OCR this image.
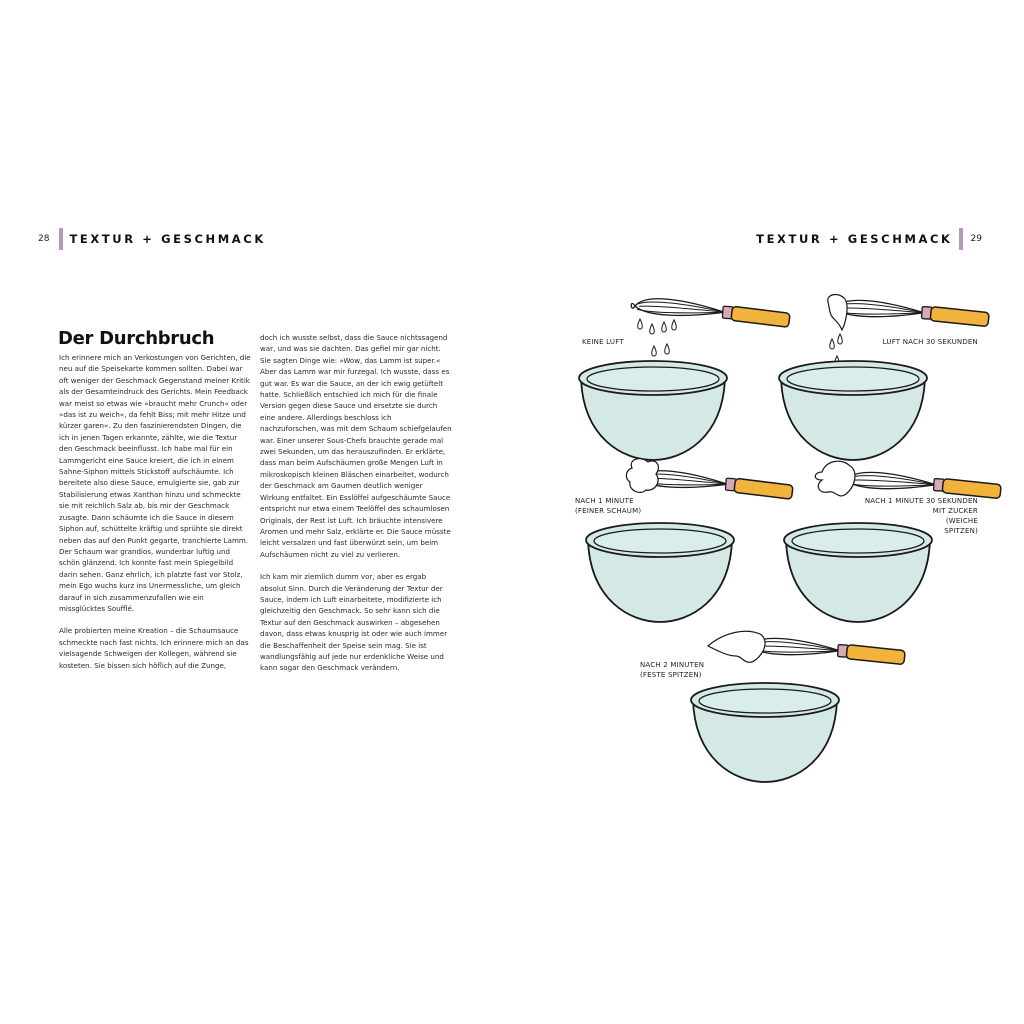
28 TEXTUR + GESCHMACK	TEXTUR + GESCHMACK 29
Der Durchbruch

Ich erinnere mich an Verkostungen von Gerichten, die neu auf die Speisekarte kommen sollten. Dabei war oft weniger der Geschmack Gegenstand meiner Kritik als der Gesamteindruck des Gerichts. Mein Feedback war meist so etwas wie »braucht mehr Crunch« oder »das ist zu weich«, da fehlt Biss; mit mehr Hitze und kürzer garen«. Zu den faszinierendsten Dingen, die ich in jenen Tagen erkannte, zählte, wie die Textur den Geschmack beeinflusst. Ich habe mal für ein Lammgericht eine Sauce kreiert, die ich in einem Sahne-Siphon mittels Stickstoff aufschäumte. Ich bereitete also diese Sauce, emulgierte sie, gab zur Stabilisierung etwas Xanthan hinzu und schmeckte sie mit reichlich Salz ab, bis mir der Geschmack zusagte. Dann schäumte ich die Sauce in diesem Siphon auf, schüttelte kräftig und sprühte sie direkt neben das auf den Punkt gegarte, tranchierte Lamm. Der Schaum war grandios, wunderbar luftig und schön glänzend. Ich konnte fast mein Spiegelbild darin sehen. Ganz ehrlich, ich platzte fast vor Stolz, mein Ego wuchs kurz ins Unermessliche, um gleich darauf in sich zusammenzufallen wie ein missglücktes Soufflé.

Alle probierten meine Kreation – die Schaumsauce schmeckte nach fast nichts. Ich erinnere mich an das vielsagende Schweigen der Kollegen, während sie kosteten. Sie bissen sich höflich auf die Zunge,

doch ich wusste selbst, dass die Sauce nichtssagend war, und was sie dachten. Das gefiel mir gar nicht. Sie sagten Dinge wie: »Wow, das Lamm ist super.« Aber das Lamm war mir furzegal. Ich wusste, dass es gut war. Es war die Sauce, an der ich ewig getüftelt hatte. Schließlich entschied ich mich für die finale Version gegen diese Sauce und ersetzte sie durch eine andere. Allerdings beschloss ich nachzuforschen, was mit dem Schaum schiefgelaufen war. Einer unserer Sous-Chefs brauchte gerade mal zwei Sekunden, um das herauszufinden. Er erklärte, dass man beim Aufschäumen große Mengen Luft in mikroskopisch kleinen Bläschen einarbeitet, wodurch der Geschmack am Gaumen deutlich weniger Wirkung entfaltet. Ein Esslöffel aufgeschäumte Sauce entspricht nur etwa einem Teelöffel des schaumlosen Originals, der Rest ist Luft. Ich bräuchte intensivere Aromen und mehr Salz, erklärte er. Die Sauce müsste leicht versalzen und fast überwürzt sein, um beim Aufschäumen nicht zu viel zu verlieren.

Ich kam mir ziemlich dumm vor, aber es ergab absolut Sinn. Durch die Veränderung der Textur der Sauce, indem ich Luft einarbeitete, modifizierte ich gleichzeitig den Geschmack. So sehr kann sich die Textur auf den Geschmack auswirken – abgesehen davon, dass etwas knusprig ist oder wie auch immer die Beschaffenheit der Speise sein mag. Sie ist wandlungsfähig auf jede nur erdenkliche Weise und kann sogar den Geschmack verändern.

KEINE LUFT	LUFT NACH 30 SEKUNDEN
NACH 1 MINUTE
(FEINER SCHAUM)
NACH 1 MINUTE 30 SEKUNDEN
MIT ZUCKER
(WEICHE
SPITZEN)
NACH 2 MINUTEN
(FESTE SPITZEN)
